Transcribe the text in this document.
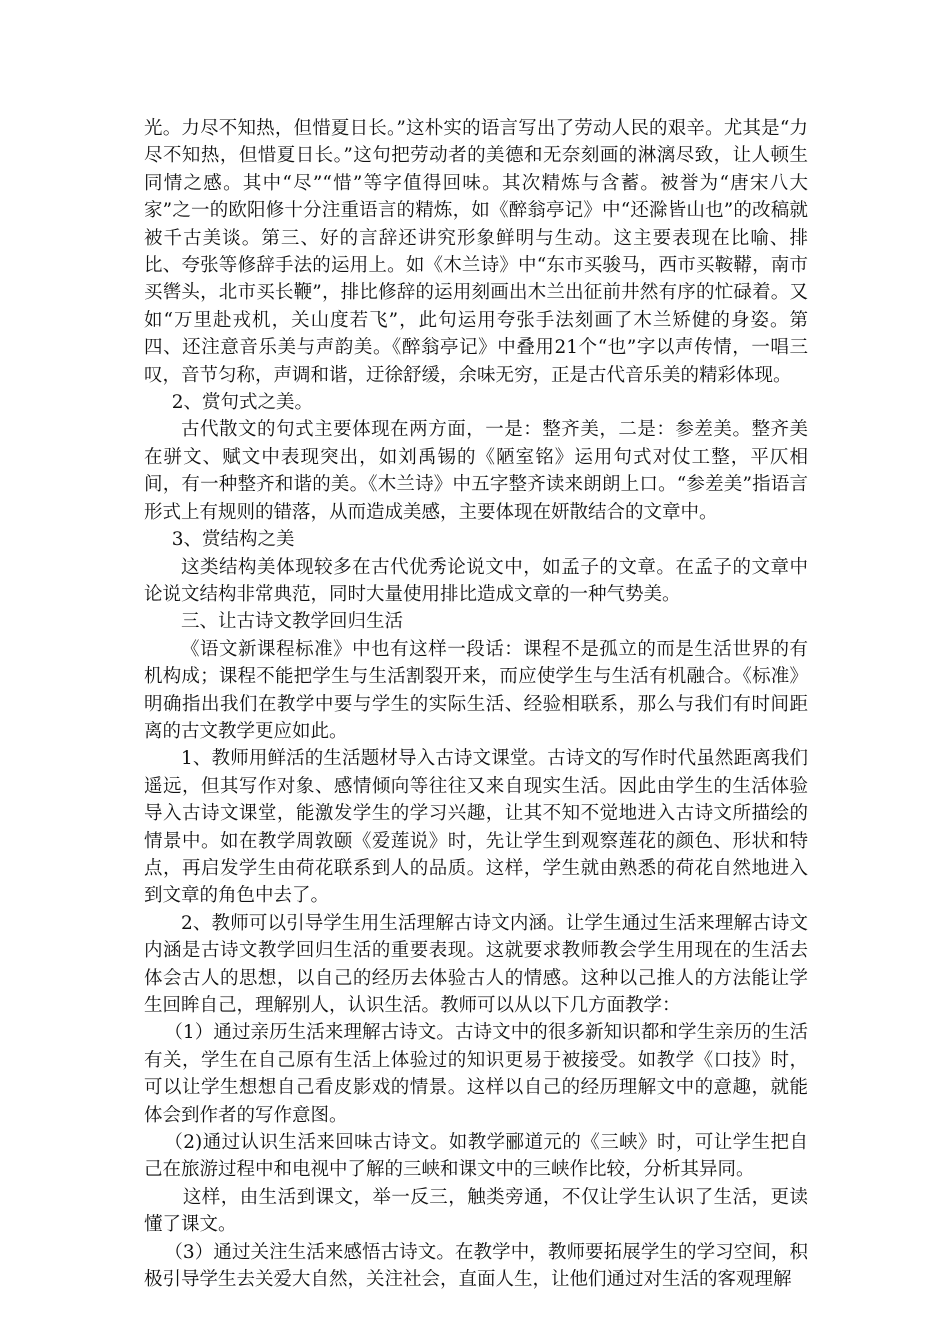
光。力尽不知热，但惜夏日长。”这朴实的语言写出了劳动人民的艰辛。尤其是“力尽不知热，但惜夏日长。”这句把劳动者的美德和无奈刻画的淋漓尽致，让人顿生同情之感。其中“尽”“惜”等字值得回味。其次精炼与含蓄。被誉为“唐宋八大家”之一的欧阳修十分注重语言的精炼，如《醉翁亭记》中“还滁皆山也”的改稿就被千古美谈。第三、好的言辞还讲究形象鲜明与生动。这主要表现在比喻、排比、夸张等修辞手法的运用上。如《木兰诗》中“东市买骏马，西市买鞍鞯，南市买辔头，北市买长鞭”，排比修辞的运用刻画出木兰出征前井然有序的忙碌着。又如“万里赴戎机，关山度若飞”，此句运用夸张手法刻画了木兰矫健的身姿。第四、还注意音乐美与声韵美。《醉翁亭记》中叠用21个“也”字以声传情，一唱三叹，音节匀称，声调和谐，迂徐舒缓，余味无穷，正是古代音乐美的精彩体现。

2、赏句式之美。

古代散文的句式主要体现在两方面，一是：整齐美，二是：参差美。整齐美在骈文、赋文中表现突出，如刘禹锡的《陋室铭》运用句式对仗工整，平仄相间，有一种整齐和谐的美。《木兰诗》中五字整齐读来朗朗上口。“参差美”指语言形式上有规则的错落，从而造成美感，主要体现在妍散结合的文章中。

3、赏结构之美

这类结构美体现较多在古代优秀论说文中，如孟子的文章。在孟子的文章中论说文结构非常典范，同时大量使用排比造成文章的一种气势美。

三、让古诗文教学回归生活

《语文新课程标准》中也有这样一段话：课程不是孤立的而是生活世界的有机构成；课程不能把学生与生活割裂开来，而应使学生与生活有机融合。《标准》明确指出我们在教学中要与学生的实际生活、经验相联系，那么与我们有时间距离的古文教学更应如此。

1、教师用鲜活的生活题材导入古诗文课堂。古诗文的写作时代虽然距离我们遥远，但其写作对象、感情倾向等往往又来自现实生活。因此由学生的生活体验导入古诗文课堂，能激发学生的学习兴趣，让其不知不觉地进入古诗文所描绘的情景中。如在教学周敦颐《爱莲说》时，先让学生到观察莲花的颜色、形状和特点，再启发学生由荷花联系到人的品质。这样，学生就由熟悉的荷花自然地进入到文章的角色中去了。

2、教师可以引导学生用生活理解古诗文内涵。让学生通过生活来理解古诗文内涵是古诗文教学回归生活的重要表现。这就要求教师教会学生用现在的生活去体会古人的思想，以自己的经历去体验古人的情感。这种以己推人的方法能让学生回眸自己，理解别人，认识生活。教师可以从以下几方面教学：

（1）通过亲历生活来理解古诗文。古诗文中的很多新知识都和学生亲历的生活有关，学生在自己原有生活上体验过的知识更易于被接受。如教学《口技》时，可以让学生想想自己看皮影戏的情景。这样以自己的经历理解文中的意趣，就能体会到作者的写作意图。

（2)通过认识生活来回味古诗文。如教学郦道元的《三峡》时，可让学生把自己在旅游过程中和电视中了解的三峡和课文中的三峡作比较，分析其异同。

这样，由生活到课文，举一反三，触类旁通，不仅让学生认识了生活，更读懂了课文。

（3）通过关注生活来感悟古诗文。在教学中，教师要拓展学生的学习空间，积极引导学生去关爱大自然，关注社会，直面人生，让他们通过对生活的客观理解
